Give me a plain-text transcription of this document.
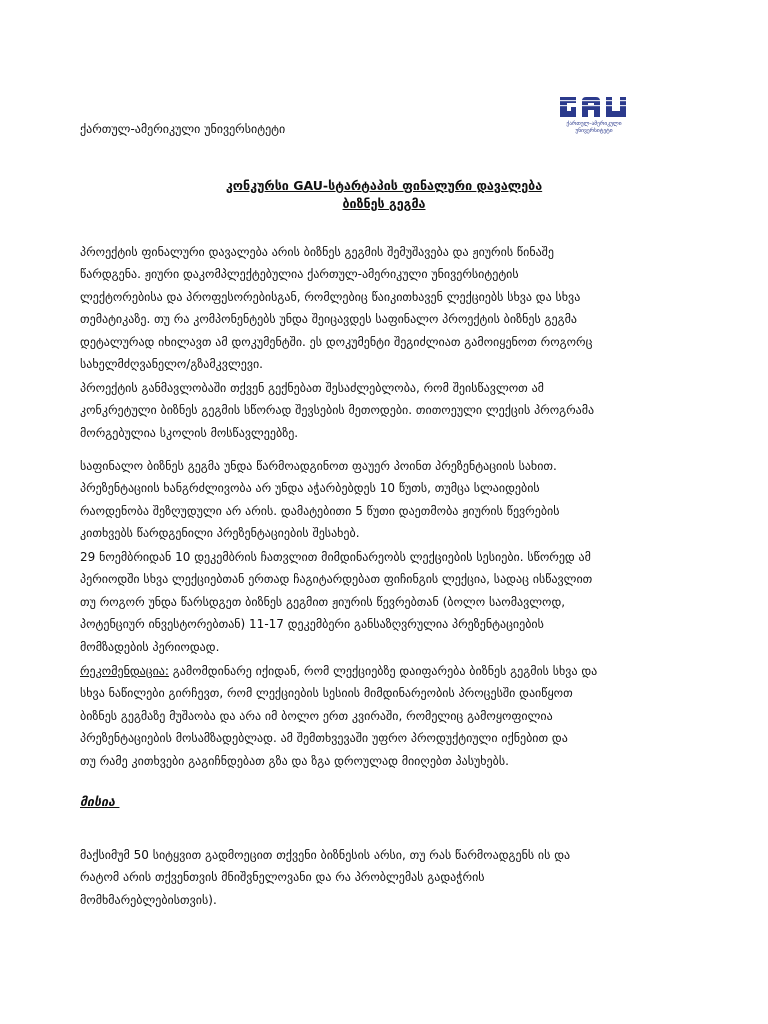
ქართულ-ამერიკული უნივერსიტეტი	ქართულ-ამერიკული
უნივერსიტეტი
კონკურსი GAU-სტარტაპის ფინალური დავალება
ბიზნეს გეგმა
პროექტის ფინალური დავალება არის ბიზნეს გეგმის შემუშავება და ჟიურის წინაშე
წარდგენა. ჟიური დაკომპლექტებულია ქართულ-ამერიკული უნივერსიტეტის
ლექტორებისა და პროფესორებისგან, რომლებიც წაიკითხავენ ლექციებს სხვა და სხვა
თემატიკაზე. თუ რა კომპონენტებს უნდა შეიცავდეს საფინალო პროექტის ბიზნეს გეგმა
დეტალურად იხილავთ ამ დოკუმენტში. ეს დოკუმენტი შეგიძლიათ გამოიყენოთ როგორც
სახელმძღვანელო/გზამკვლევი.
პროექტის განმავლობაში თქვენ გექნებათ შესაძლებლობა, რომ შეისწავლოთ ამ
კონკრეტული ბიზნეს გეგმის სწორად შევსების მეთოდები. თითოეული ლექცის პროგრამა
მორგებულია სკოლის მოსწავლეებზე.
საფინალო ბიზნეს გეგმა უნდა წარმოადგინოთ ფაუერ პოინთ პრეზენტაციის სახით.
პრეზენტაციის ხანგრძლივობა არ უნდა აჭარბებდეს 10 წუთს, თუმცა სლაიდების
რაოდენობა შეზღუდული არ არის. დამატებითი 5 წუთი დაეთმობა ჟიურის წევრების
კითხვებს წარდგენილი პრეზენტაციების შესახებ.
29 ნოემბრიდან 10 დეკემბრის ჩათვლით მიმდინარეობს ლექციების სესიები. სწორედ ამ
პერიოდში სხვა ლექციებთან ერთად ჩაგიტარდებათ ფიჩინგის ლექცია, სადაც ისწავლით
თუ როგორ უნდა წარსდგეთ ბიზნეს გეგმით ჟიურის წევრებთან (ბოლო საომავლოდ,
პოტენციურ ინვესტორებთან) 11-17 დეკემბერი განსაზღვრულია პრეზენტაციების
მომზადების პერიოდად.
რეკომენდაცია: გამომდინარე იქიდან, რომ ლექციებზე დაიფარება ბიზნეს გეგმის სხვა და
სხვა ნაწილები გირჩევთ, რომ ლექციების სესიის მიმდინარეობის პროცესში დაიწყოთ
ბიზნეს გეგმაზე მუშაობა და არა იმ ბოლო ერთ კვირაში, რომელიც გამოყოფილია
პრეზენტაციების მოსამზადებლად. ამ შემთხვევაში უფრო პროდუქტიული იქნებით და
თუ რამე კითხვები გაგიჩნდებათ გზა და ზგა დროულად მიიღებთ პასუხებს.
მისია
მაქსიმუმ 50 სიტყვით გადმოეცით თქვენი ბიზნესის არსი, თუ რას წარმოადგენს ის და
რატომ არის თქვენთვის მნიშვნელოვანი და რა პრობლემას გადაჭრის
მომხმარებლებისთვის).
